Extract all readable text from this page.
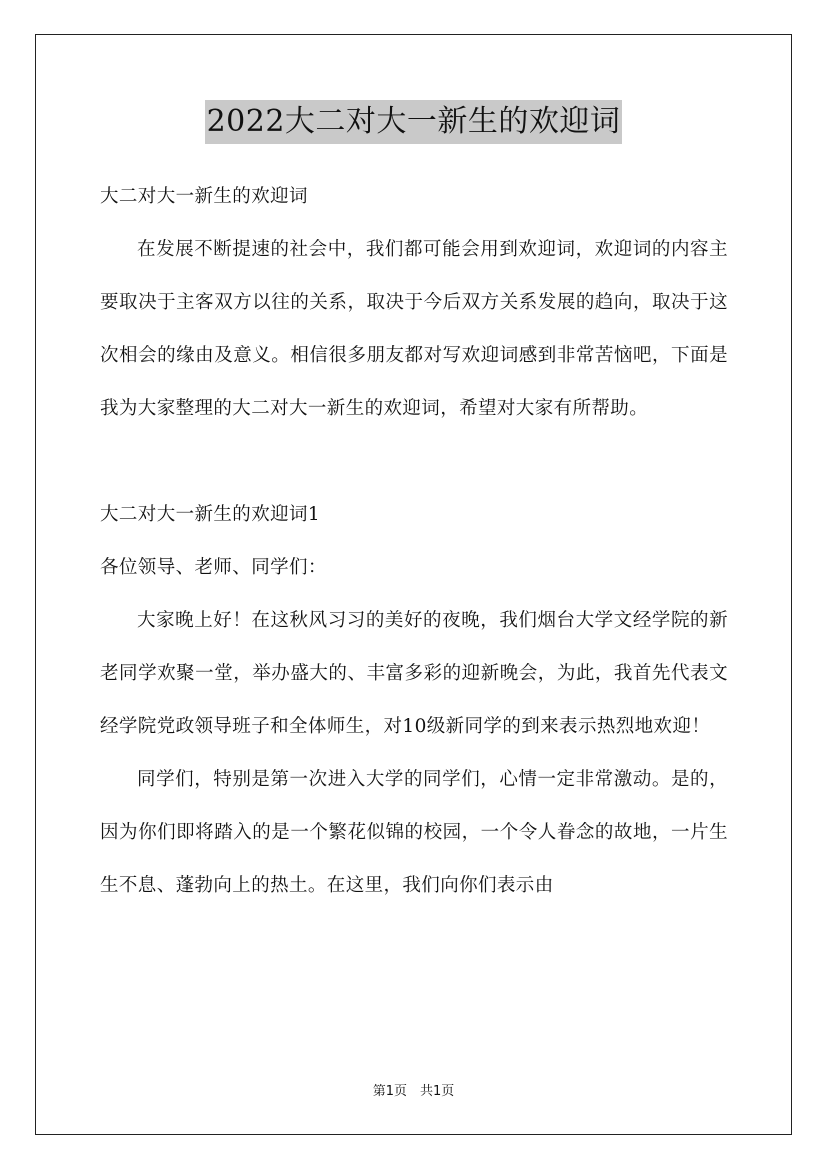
2022大二对大一新生的欢迎词

大二对大一新生的欢迎词

在发展不断提速的社会中，我们都可能会用到欢迎词，欢迎词的内容主要取决于主客双方以往的关系，取决于今后双方关系发展的趋向，取决于这次相会的缘由及意义。相信很多朋友都对写欢迎词感到非常苦恼吧，下面是我为大家整理的大二对大一新生的欢迎词，希望对大家有所帮助。

大二对大一新生的欢迎词1

各位领导、老师、同学们：

大家晚上好！在这秋风习习的美好的夜晚，我们烟台大学文经学院的新老同学欢聚一堂，举办盛大的、丰富多彩的迎新晚会，为此，我首先代表文经学院党政领导班子和全体师生，对10级新同学的到来表示热烈地欢迎！

同学们，特别是第一次进入大学的同学们，心情一定非常激动。是的，因为你们即将踏入的是一个繁花似锦的校园，一个令人眷念的故地，一片生生不息、蓬勃向上的热土。在这里，我们向你们表示由

第1页　共1页
